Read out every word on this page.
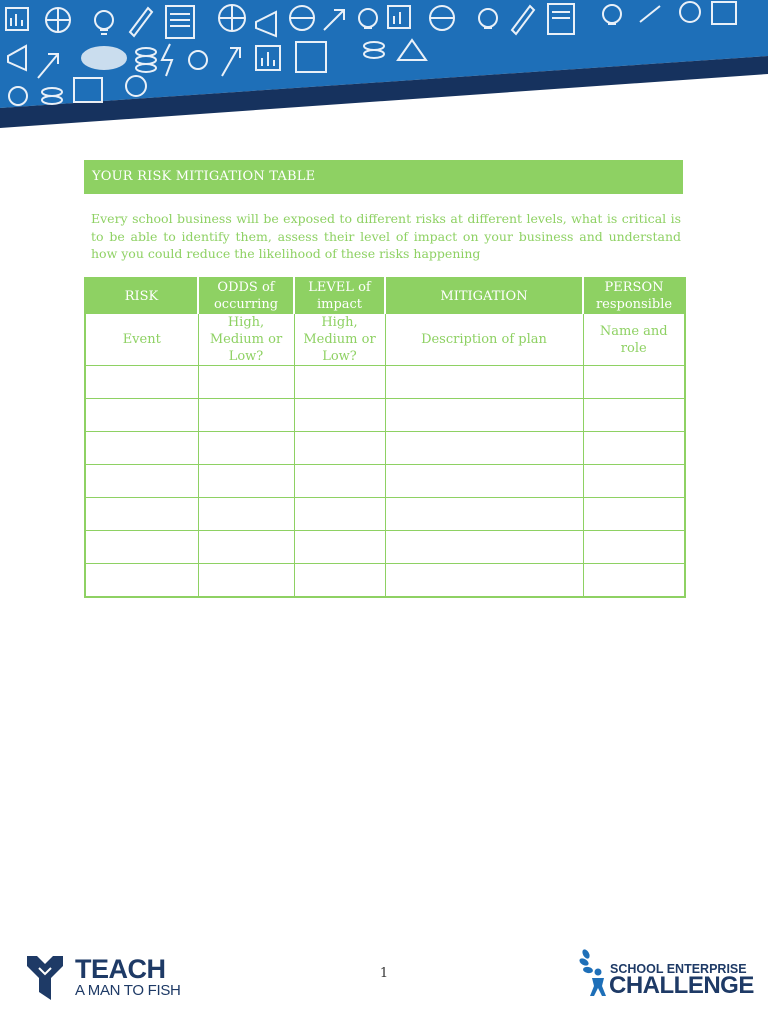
YOUR RISK MITIGATION TABLE

Every school business will be exposed to different risks at different levels, what is critical is to be able to identify them, assess their level of impact on your business and understand how you could reduce the likelihood of these risks happening

RISK	ODDS of occurring	LEVEL of impact	MITIGATION	PERSON responsible
Event	High, Medium or Low?	High, Medium or Low?	Description of plan	Name and role

TEACH
A MAN TO FISH
1	SCHOOL ENTERPRISE
CHALLENGE
